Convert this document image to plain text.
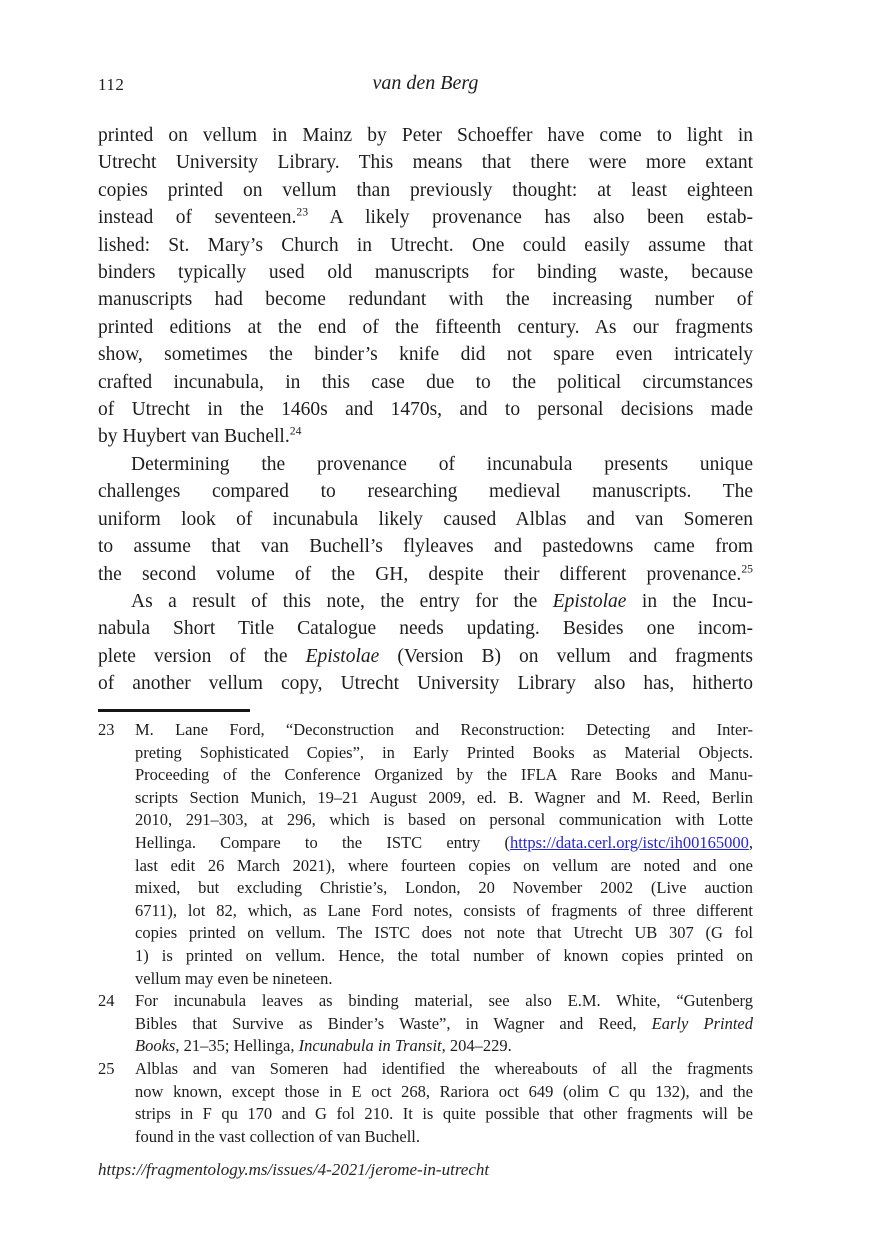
112	van den Berg
printed on vellum in Mainz by Peter Schoeffer have come to light in
Utrecht University Library. This means that there were more extant
copies printed on vellum than previously thought: at least eighteen
instead of seventeen.$^{23}$ A likely provenance has also been estab-
lished: St. Mary’s Church in Utrecht. One could easily assume that
binders typically used old manuscripts for binding waste, because
manuscripts had become redundant with the increasing number of
printed editions at the end of the fifteenth century. As our fragments
show, sometimes the binder’s knife did not spare even intricately
crafted incunabula, in this case due to the political circumstances
of Utrecht in the 1460s and 1470s, and to personal decisions made
by Huybert van Buchell.$^{24}$
Determining the provenance of incunabula presents unique
challenges compared to researching medieval manuscripts. The
uniform look of incunabula likely caused Alblas and van Someren
to assume that van Buchell’s flyleaves and pastedowns came from
the second volume of the GH, despite their different provenance.$^{25}$
As a result of this note, the entry for the Epistolae in the Incu-
nabula Short Title Catalogue needs updating. Besides one incom-
plete version of the Epistolae (Version B) on vellum and fragments
of another vellum copy, Utrecht University Library also has, hitherto
23	M. Lane Ford, “Deconstruction and Reconstruction: Detecting and Inter-
preting Sophisticated Copies”, in Early Printed Books as Material Objects.
Proceeding of the Conference Organized by the IFLA Rare Books and Manu-
scripts Section Munich, 19–21 August 2009, ed. B. Wagner and M. Reed, Berlin
2010, 291–303, at 296, which is based on personal communication with Lotte
Hellinga. Compare to the ISTC entry (https://data.cerl.org/istc/ih00165000,
last edit 26 March 2021), where fourteen copies on vellum are noted and one
mixed, but excluding Christie’s, London, 20 November 2002 (Live auction
6711), lot 82, which, as Lane Ford notes, consists of fragments of three different
copies printed on vellum. The ISTC does not note that Utrecht UB 307 (G fol
1) is printed on vellum. Hence, the total number of known copies printed on
vellum may even be nineteen.
24	For incunabula leaves as binding material, see also E.M. White, “Gutenberg
Bibles that Survive as Binder’s Waste”, in Wagner and Reed, Early Printed
Books, 21–35; Hellinga, Incunabula in Transit, 204–229.
25	Alblas and van Someren had identified the whereabouts of all the fragments
now known, except those in E oct 268, Rariora oct 649 (olim C qu 132), and the
strips in F qu 170 and G fol 210. It is quite possible that other fragments will be
found in the vast collection of van Buchell.
https://fragmentology.ms/issues/4-2021/jerome-in-utrecht
